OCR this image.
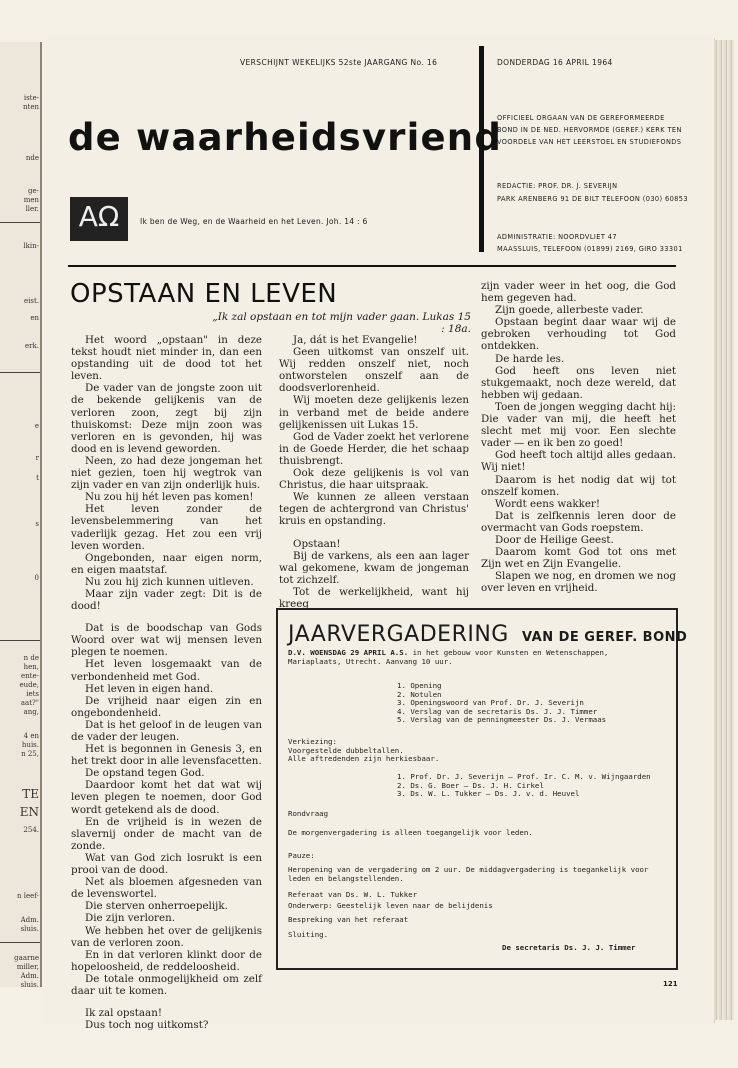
iste-
nten
nde
ge-
men
ller.
lkin-
eist.
en
erk.
e
r
t
s
0
n de
hen,
ente-
eude,
iets
aat?"
ang,
4 en
huis.
n 25,
TE
EN
254.
n leef-
Adm.
sluis.
gaarne
miller,
Adm.
sluis.
VERSCHIJNT WEKELIJKS 52ste JAARGANG No. 16	DONDERDAG 16 APRIL 1964
de waarheidsvriend
AΩ	Ik ben de Weg, en de Waarheid en het Leven. Joh. 14 : 6
OFFICIEEL ORGAAN VAN DE GEREFORMEERDE
BOND IN DE NED. HERVORMDE (GEREF.) KERK TEN
VOORDELE VAN HET LEERSTOEL EN STUDIEFONDS
REDACTIE: PROF. DR. J. SEVERIJN
PARK ARENBERG 91 DE BILT TELEFOON (030) 60853
ADMINISTRATIE: NOORDVLIET 47
MAASSLUIS, TELEFOON (01899) 2169, GIRO 33301
OPSTAAN EN LEVEN
„Ik zal opstaan en tot mijn vader gaan. Lukas 15 : 18a.

Het woord „opstaan" in deze tekst houdt niet minder in, dan een opstanding uit de dood tot het leven.

De vader van de jongste zoon uit de bekende gelijkenis van de verloren zoon, zegt bij zijn thuiskomst: Deze mijn zoon was verloren en is gevonden, hij was dood en is levend geworden.

Neen, zo had deze jongeman het niet gezien, toen hij wegtrok van zijn vader en van zijn onderlijk huis.

Nu zou hij hét leven pas komen!

Het leven zonder de levensbelemmering van het vaderlijk gezag. Het zou een vrij leven worden.

Ongebonden, naar eigen norm, en eigen maatstaf.

Nu zou hij zich kunnen uitleven.

Maar zijn vader zegt: Dit is de dood!

Dat is de boodschap van Gods Woord over wat wij mensen leven plegen te noemen.

Het leven losgemaakt van de verbondenheid met God.

Het leven in eigen hand.

De vrijheid naar eigen zin en ongebondenheid.

Dat is het geloof in de leugen van de vader der leugen.

Het is begonnen in Genesis 3, en het trekt door in alle levensfacetten.

De opstand tegen God.

Daardoor komt het dat wat wij leven plegen te noemen, door God wordt getekend als de dood.

En de vrijheid is in wezen de slavernij onder de macht van de zonde.

Wat van God zich losrukt is een prooi van de dood.

Net als bloemen afgesneden van de levenswortel.

Die sterven onherroepelijk.

Die zijn verloren.

We hebben het over de gelijkenis van de verloren zoon.

En in dat verloren klinkt door de hopeloosheid, de reddeloosheid.

De totale onmogelijkheid om zelf daar uit te komen.

Ik zal opstaan!

Dus toch nog uitkomst?

Ja, dát is het Evangelie!

Geen uitkomst van onszelf uit. Wij redden onszelf niet, noch ontworstelen onszelf aan de doodsverlorenheid.

Wij moeten deze gelijkenis lezen in verband met de beide andere gelijkenissen uit Lukas 15.

God de Vader zoekt het verlorene in de Goede Herder, die het schaap thuisbrengt.

Ook deze gelijkenis is vol van Christus, die haar uitspraak.

We kunnen ze alleen verstaan tegen de achtergrond van Christus' kruis en opstanding.

Opstaan!

Bij de varkens, als een aan lager wal gekomene, kwam de jongeman tot zichzelf.

Tot de werkelijkheid, want hij kreeg

zijn vader weer in het oog, die God hem gegeven had.

Zijn goede, allerbeste vader.

Opstaan begint daar waar wij de gebroken verhouding tot God ontdekken.

De harde les.

God heeft ons leven niet stukgemaakt, noch deze wereld, dat hebben wij gedaan.

Toen de jongen wegging dacht hij: Die vader van mij, die heeft het slecht met mij voor. Een slechte vader — en ik ben zo goed!

God heeft toch altijd alles gedaan. Wij niet!

Daarom is het nodig dat wij tot onszelf komen.

Wordt eens wakker!

Dat is zelfkennis leren door de overmacht van Gods roepstem.

Door de Heilige Geest.

Daarom komt God tot ons met Zijn wet en Zijn Evangelie.

Slapen we nog, en dromen we nog over leven en vrijheid.

JAARVERGADERING VAN DE GEREF. BOND
D.V. WOENSDAG 29 APRIL A.S. in het gebouw voor Kunsten en Wetenschappen, Mariaplaats, Utrecht. Aanvang 10 uur.
1. Opening
2. Notulen
3. Openingswoord van Prof. Dr. J. Severijn
4. Verslag van de secretaris Ds. J. J. Timmer
5. Verslag van de penningmeester Ds. J. Vermaas
Verkiezing:
Voorgestelde dubbeltallen.
Alle aftredenden zijn herkiesbaar.
1. Prof. Dr. J. Severijn — Prof. Ir. C. M. v. Wijngaarden
2. Ds. G. Boer — Ds. J. H. Cirkel
3. Ds. W. L. Tukker — Ds. J. v. d. Heuvel
Rondvraag
De morgenvergadering is alleen toegangelijk voor leden.
Pauze:
Heropening van de vergadering om 2 uur. De middagvergadering is toegankelijk voor leden en belangstellenden.
Referaat van Ds. W. L. Tukker
Onderwerp: Geestelijk leven naar de belijdenis
Bespreking van het referaat
Sluiting.
De secretaris Ds. J. J. Timmer
121
